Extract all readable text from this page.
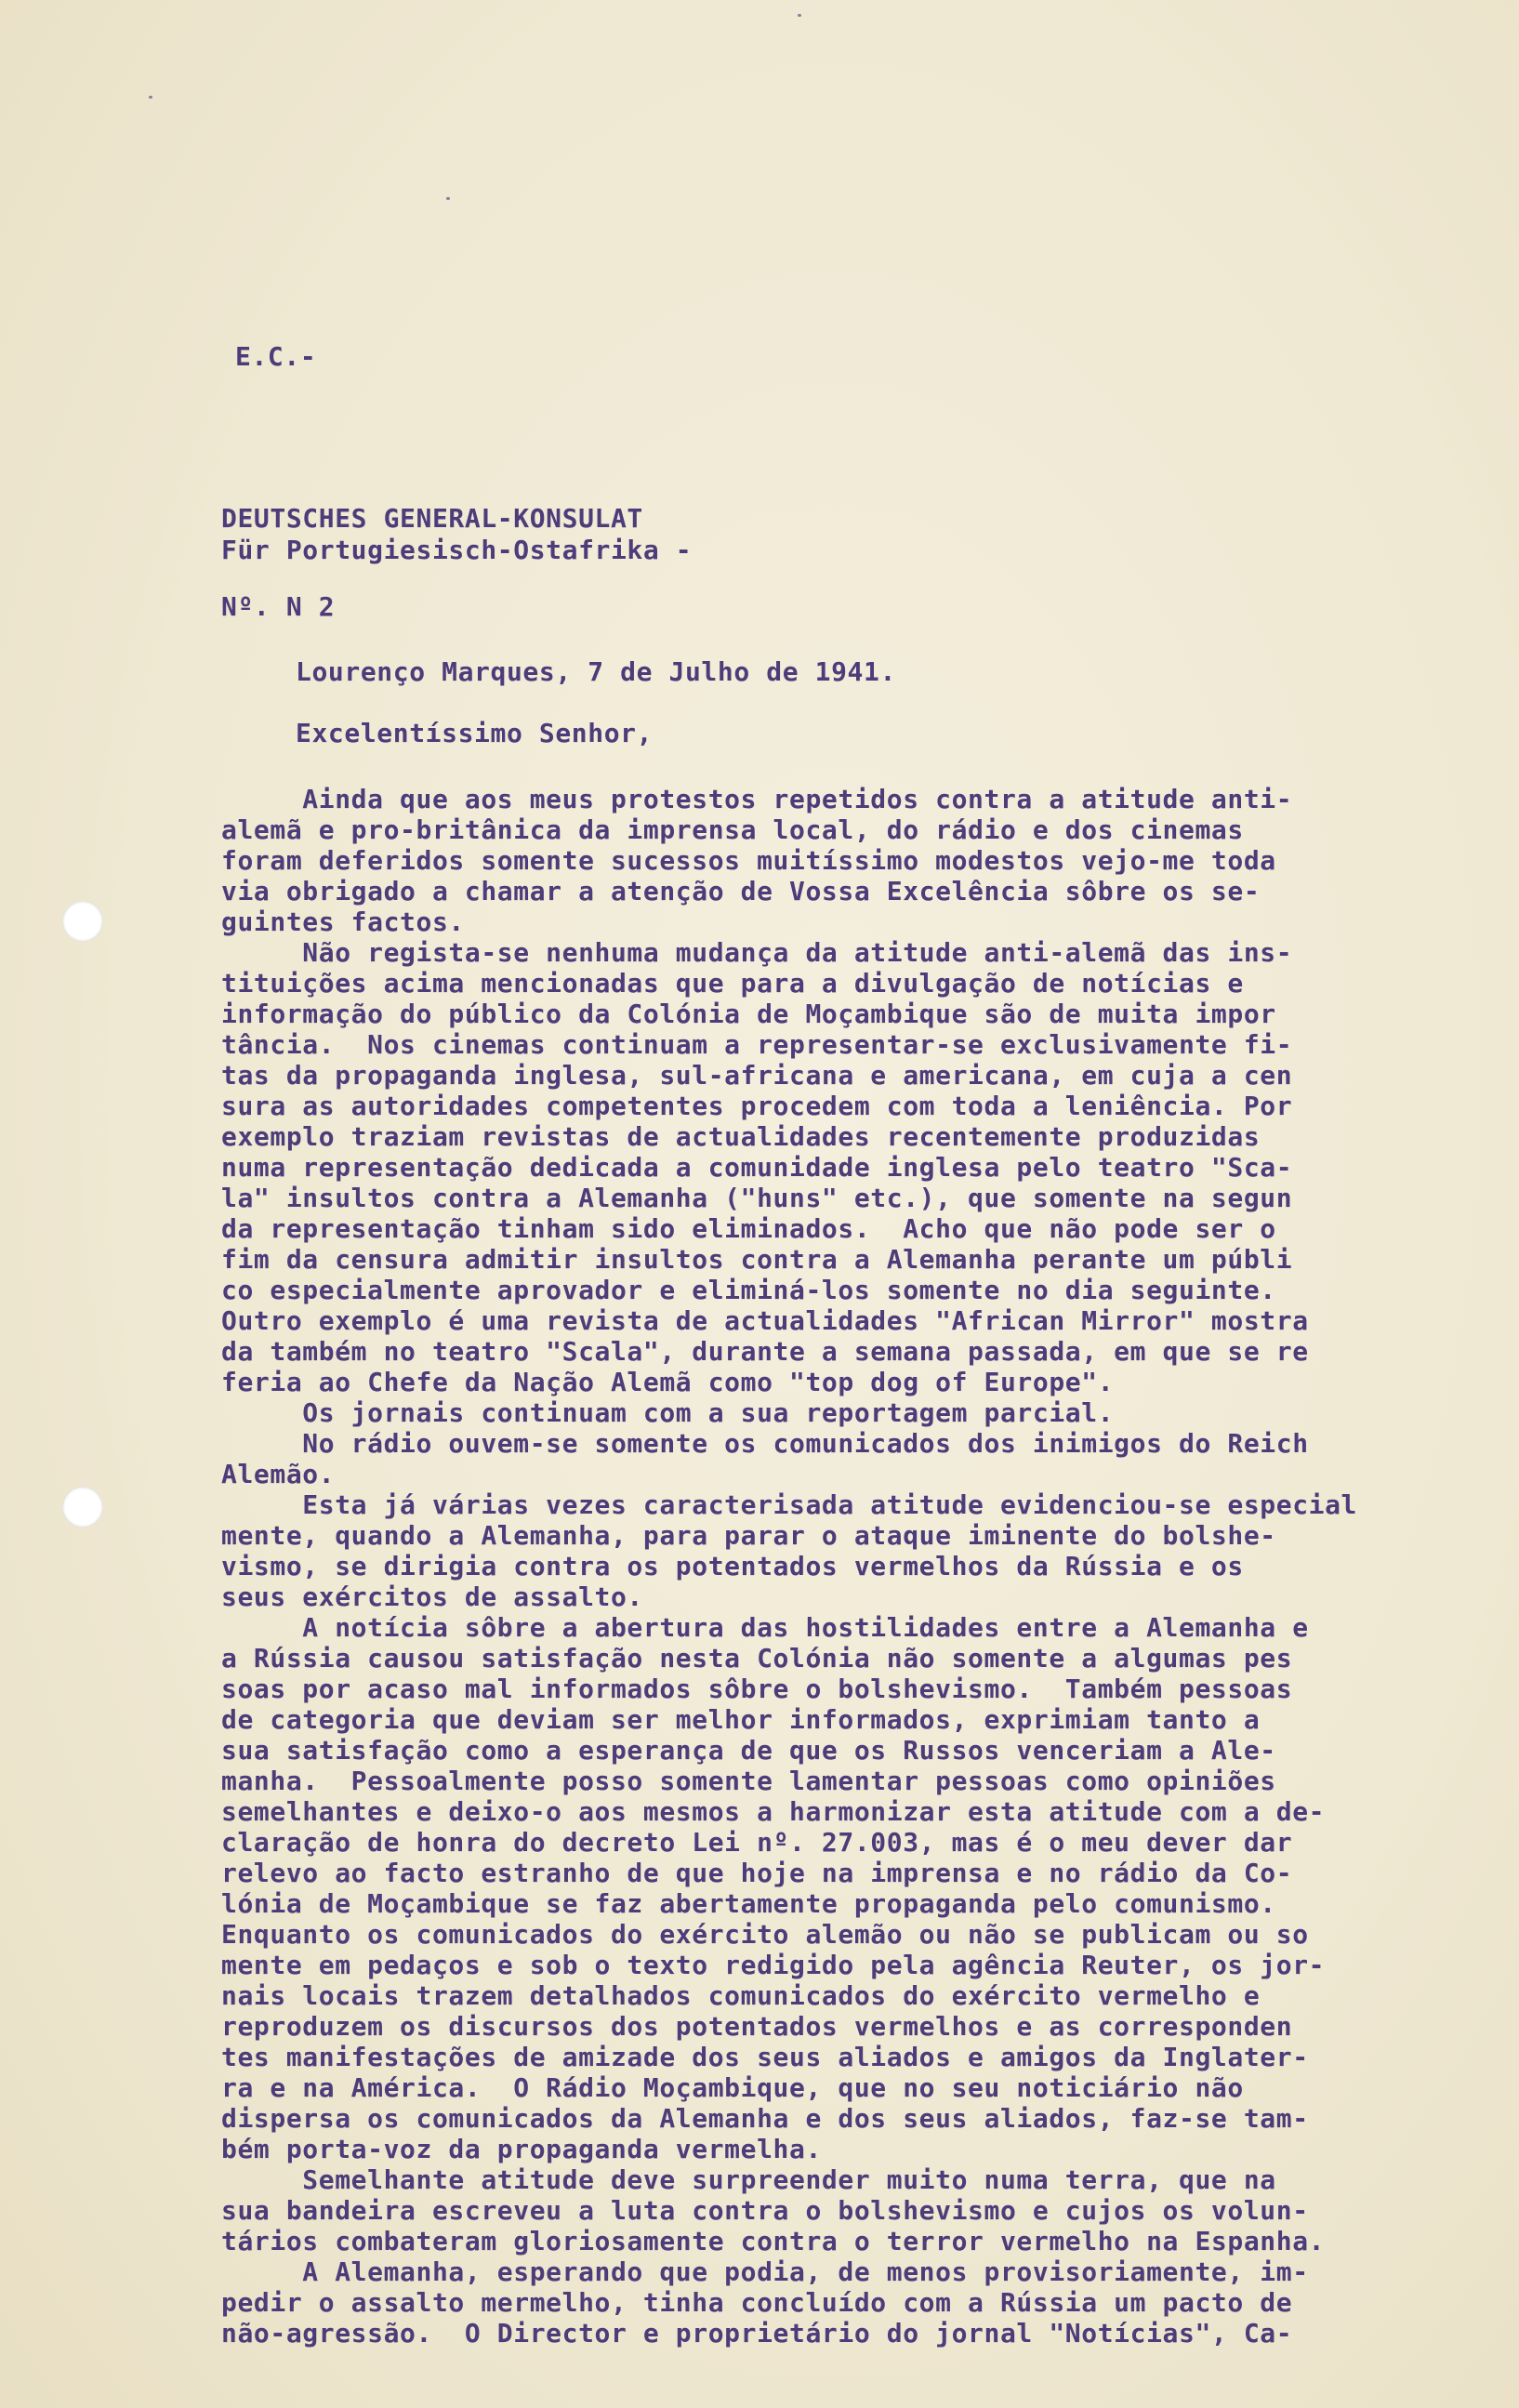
E.C.-
DEUTSCHES GENERAL-KONSULAT
Für Portugiesisch-Ostafrika -
Nº. N 2
Lourenço Marques, 7 de Julho de 1941.
Excelentíssimo Senhor,
Ainda que aos meus protestos repetidos contra a atitude anti-
alemã e pro-britânica da imprensa local, do rádio e dos cinemas
foram deferidos somente sucessos muitíssimo modestos vejo-me toda
via obrigado a chamar a atenção de Vossa Excelência sôbre os se-
guintes factos.
Não regista-se nenhuma mudança da atitude anti-alemã das ins-
tituições acima mencionadas que para a divulgação de notícias e
informação do público da Colónia de Moçambique são de muita impor
tância.  Nos cinemas continuam a representar-se exclusivamente fi-
tas da propaganda inglesa, sul-africana e americana, em cuja a cen
sura as autoridades competentes procedem com toda a leniência. Por
exemplo traziam revistas de actualidades recentemente produzidas
numa representação dedicada a comunidade inglesa pelo teatro "Sca-
la" insultos contra a Alemanha ("huns" etc.), que somente na segun
da representação tinham sido eliminados.  Acho que não pode ser o
fim da censura admitir insultos contra a Alemanha perante um públi
co especialmente aprovador e eliminá-los somente no dia seguinte.
Outro exemplo é uma revista de actualidades "African Mirror" mostra
da também no teatro "Scala", durante a semana passada, em que se re
feria ao Chefe da Nação Alemã como "top dog of Europe".
Os jornais continuam com a sua reportagem parcial.
No rádio ouvem-se somente os comunicados dos inimigos do Reich
Alemão.
Esta já várias vezes caracterisada atitude evidenciou-se especial
mente, quando a Alemanha, para parar o ataque iminente do bolshe-
vismo, se dirigia contra os potentados vermelhos da Rússia e os
seus exércitos de assalto.
A notícia sôbre a abertura das hostilidades entre a Alemanha e
a Rússia causou satisfação nesta Colónia não somente a algumas pes
soas por acaso mal informados sôbre o bolshevismo.  Também pessoas
de categoria que deviam ser melhor informados, exprimiam tanto a
sua satisfação como a esperança de que os Russos venceriam a Ale-
manha.  Pessoalmente posso somente lamentar pessoas como opiniões
semelhantes e deixo-o aos mesmos a harmonizar esta atitude com a de-
claração de honra do decreto Lei nº. 27.003, mas é o meu dever dar
relevo ao facto estranho de que hoje na imprensa e no rádio da Co-
lónia de Moçambique se faz abertamente propaganda pelo comunismo.
Enquanto os comunicados do exército alemão ou não se publicam ou so
mente em pedaços e sob o texto redigido pela agência Reuter, os jor-
nais locais trazem detalhados comunicados do exército vermelho e
reproduzem os discursos dos potentados vermelhos e as corresponden
tes manifestações de amizade dos seus aliados e amigos da Inglater-
ra e na América.  O Rádio Moçambique, que no seu noticiário não
dispersa os comunicados da Alemanha e dos seus aliados, faz-se tam-
bém porta-voz da propaganda vermelha.
Semelhante atitude deve surpreender muito numa terra, que na
sua bandeira escreveu a luta contra o bolshevismo e cujos os volun-
tários combateram gloriosamente contra o terror vermelho na Espanha.
A Alemanha, esperando que podia, de menos provisoriamente, im-
pedir o assalto mermelho, tinha concluído com a Rússia um pacto de
não-agressão.  O Director e proprietário do jornal "Notícias", Ca-
